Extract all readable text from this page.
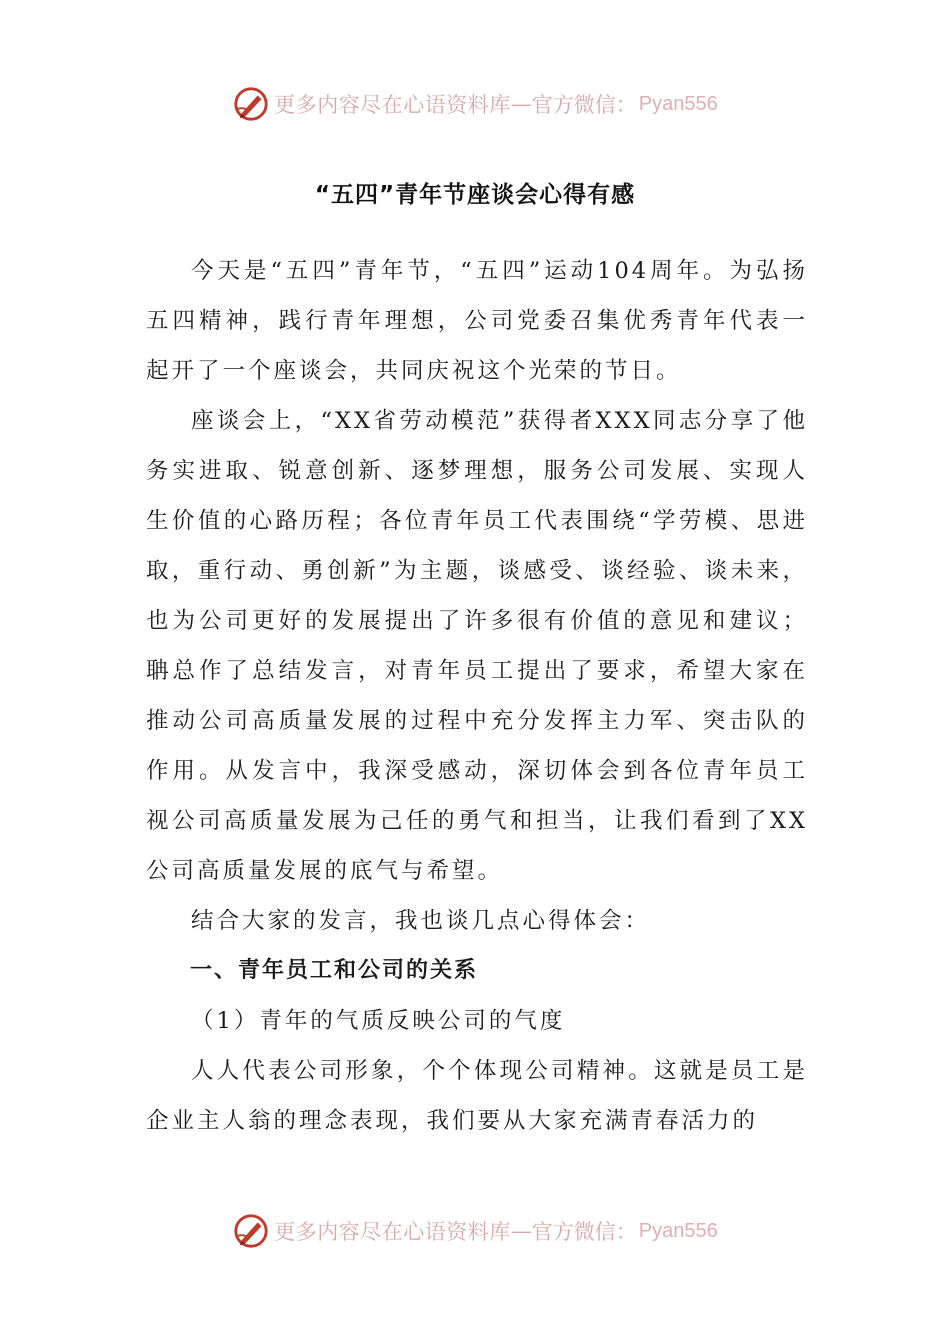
更多内容尽在心语资料库 — 官方微信： Pyan556
“五四”青年节座谈会心得有感

今天是“五四”青年节，“五四”运动104周年。为弘扬五四精神，践行青年理想，公司党委召集优秀青年代表一起开了一个座谈会，共同庆祝这个光荣的节日。

座谈会上，“XX省劳动模范”获得者XXX同志分享了他务实进取、锐意创新、逐梦理想，服务公司发展、实现人生价值的心路历程；各位青年员工代表围绕“学劳模、思进取，重行动、勇创新”为主题，谈感受、谈经验、谈未来，也为公司更好的发展提出了许多很有价值的意见和建议；聃总作了总结发言，对青年员工提出了要求，希望大家在推动公司高质量发展的过程中充分发挥主力军、突击队的作用。从发言中，我深受感动，深切体会到各位青年员工视公司高质量发展为己任的勇气和担当，让我们看到了XX公司高质量发展的底气与希望。

结合大家的发言，我也谈几点心得体会：

一、青年员工和公司的关系

（1）青年的气质反映公司的气度

人人代表公司形象，个个体现公司精神。这就是员工是企业主人翁的理念表现，我们要从大家充满青春活力的

更多内容尽在心语资料库 — 官方微信： Pyan556
